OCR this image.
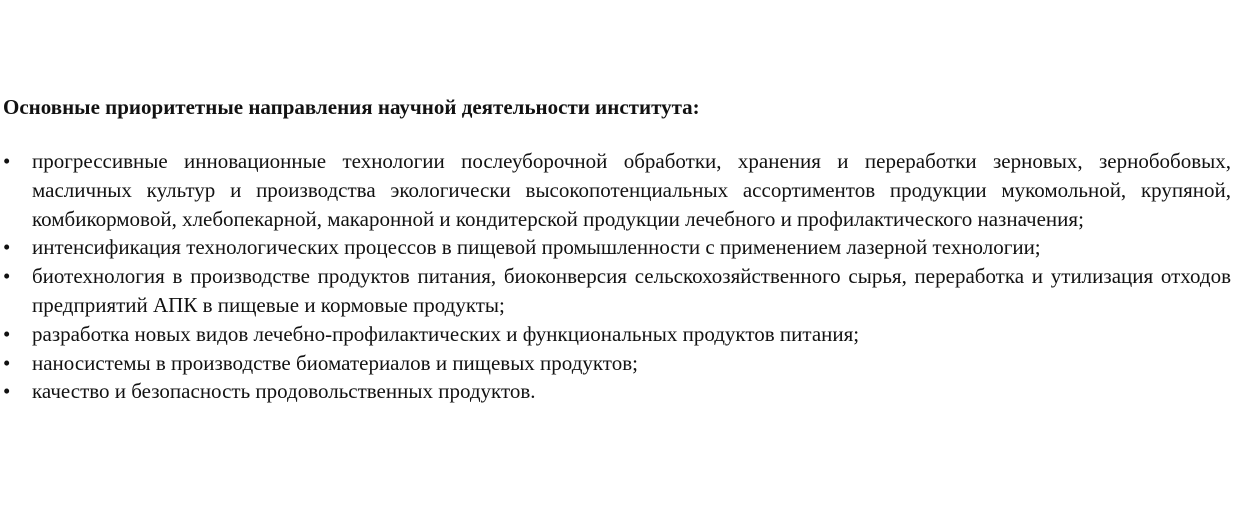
Основные приоритетные направления научной деятельности института:
•	прогрессивные инновационные технологии послеуборочной обработки, хранения и переработки зерновых, зернобобовых, масличных культур и производства экологически высокопотенциальных ассортиментов продукции мукомольной, крупяной, комбикормовой, хлебопекарной, макаронной и кондитерской продукции лечебного и профилактического назначения;
•	интенсификация технологических процессов в пищевой промышленности с применением лазерной технологии;
•	биотехнология в производстве продуктов питания, биоконверсия сельскохозяйственного сырья, переработка и утилизация отходов предприятий АПК в пищевые и кормовые продукты;
•	разработка новых видов лечебно-профилактических и функциональных продуктов питания;
•	наносистемы в производстве биоматериалов и пищевых продуктов;
•	качество и безопасность продовольственных продуктов.
